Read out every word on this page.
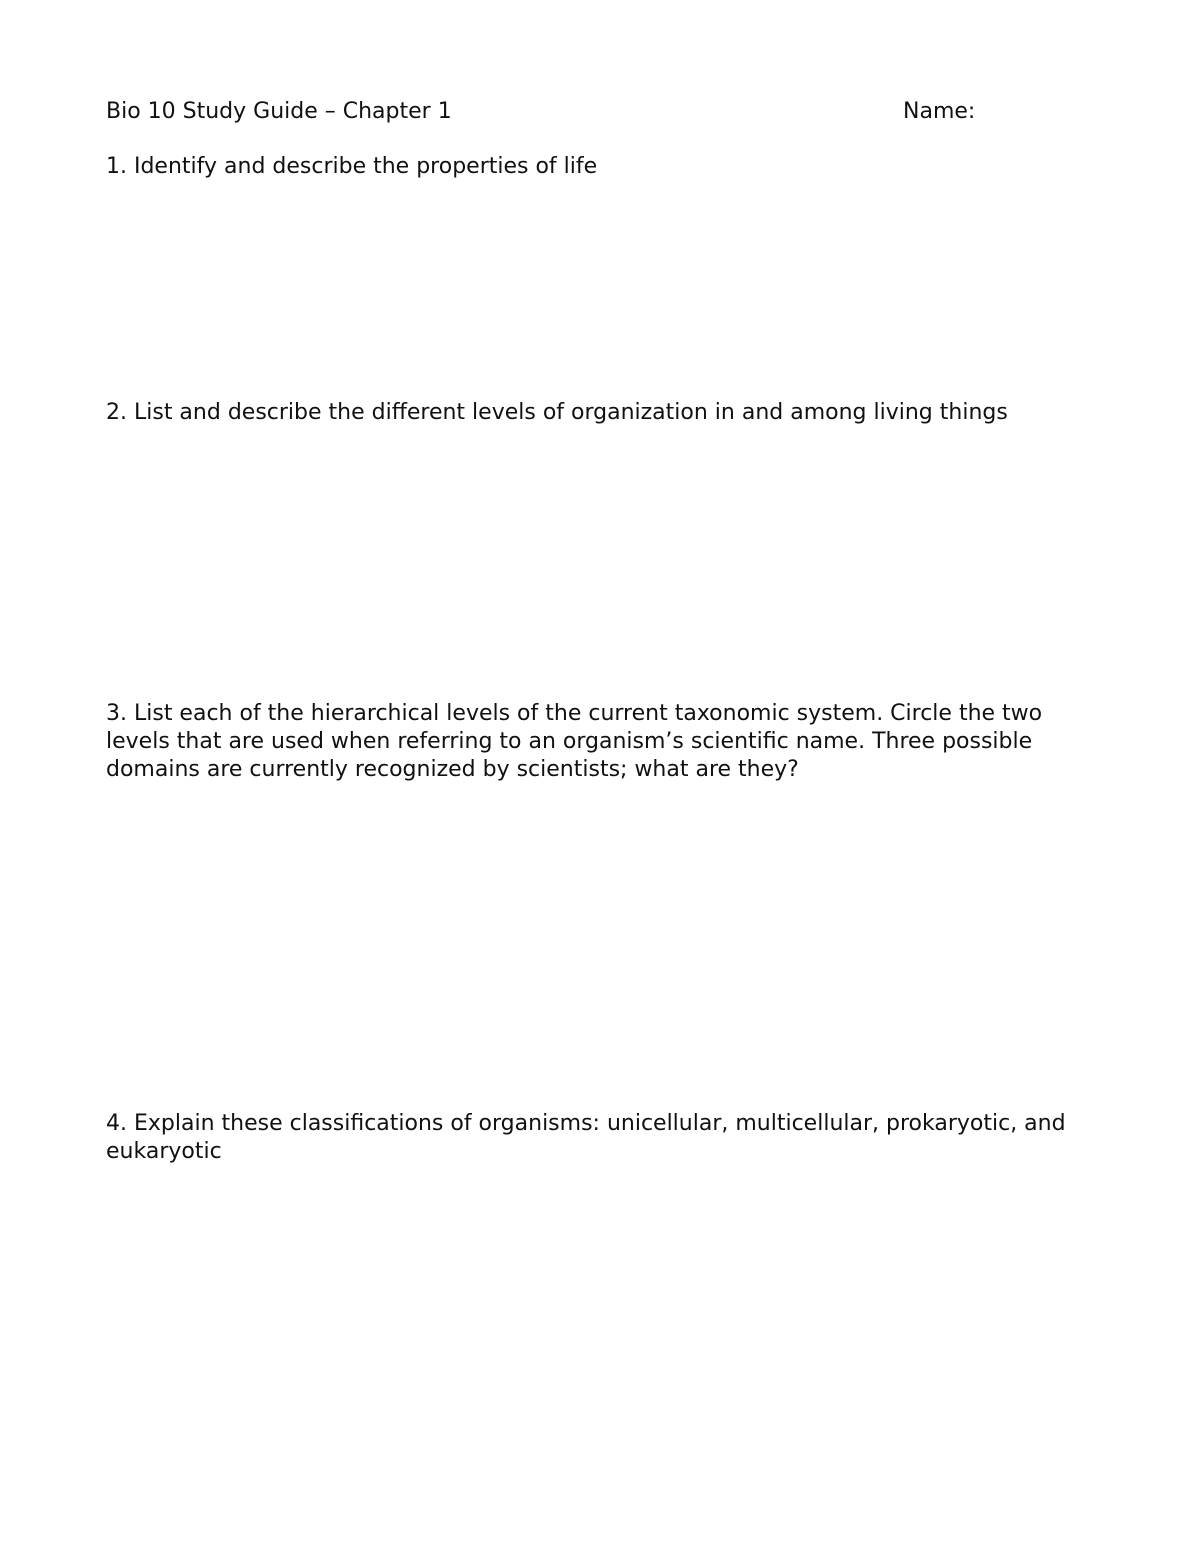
Bio 10 Study Guide – Chapter 1	Name:
1. Identify and describe the properties of life
2. List and describe the different levels of organization in and among living things
3. List each of the hierarchical levels of the current taxonomic system. Circle the two
levels that are used when referring to an organism’s scientific name. Three possible
domains are currently recognized by scientists; what are they?
4. Explain these classifications of organisms: unicellular, multicellular, prokaryotic, and
eukaryotic
